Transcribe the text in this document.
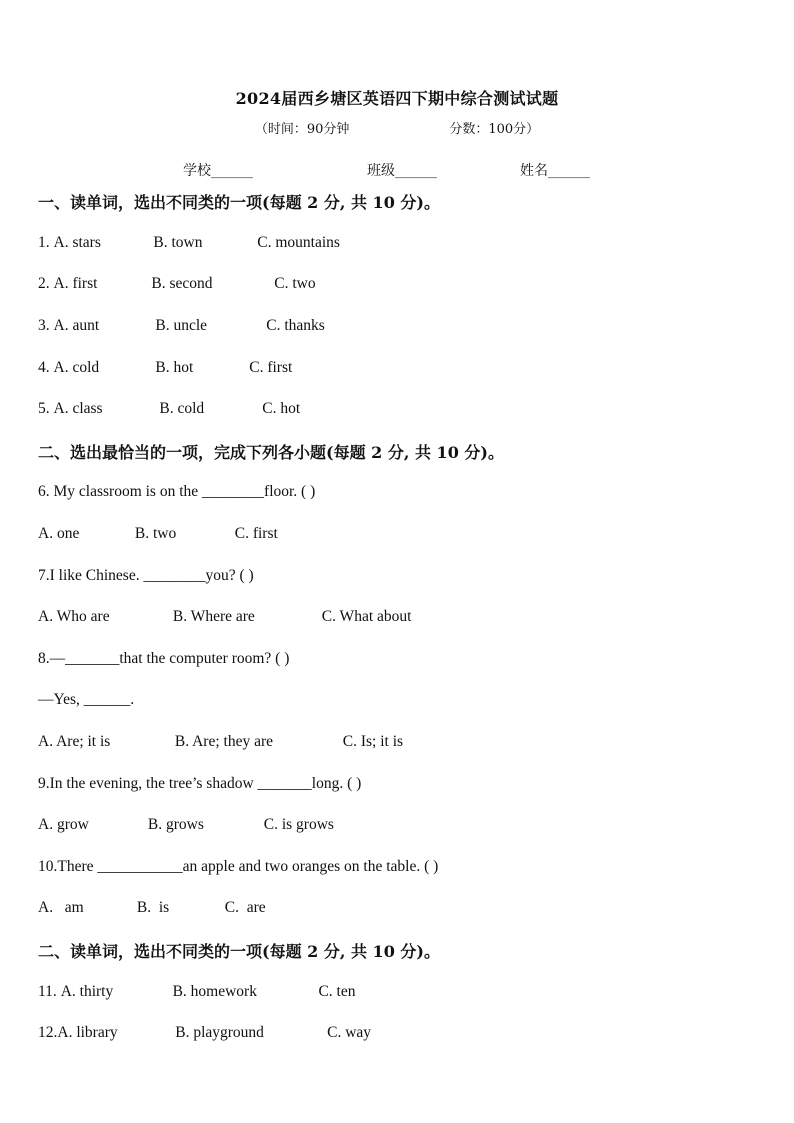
2024届西乡塘区英语四下期中综合测试试题
（时间：90分钟	分数：100分）
学校______	班级______	姓名______
一、读单词，选出不同类的一项(每题 2 分, 共 10 分)。
1. A. stars	B. town	C. mountains
2. A. first	B. second	C. two
3. A. aunt	B. uncle	C. thanks
4. A. cold	B. hot	C. first
5. A. class	B. cold	C. hot
二、选出最恰当的一项，完成下列各小题(每题 2 分, 共 10 分)。
6. My classroom is on the ________floor. ( )
A. one	B. two	C. first
7.I like Chinese. ________you? ( )
A. Who are	B. Where are	C. What about
8.—_______that the computer room? ( )
—Yes, ______.
A. Are; it is	B. Are; they are	C. Is; it is
9.In the evening, the tree’s shadow _______long. ( )
A. grow	B. grows	C. is grows
10.There ___________an apple and two oranges on the table. ( )
A.   am	B.  is	C.  are
二、读单词，选出不同类的一项(每题 2 分, 共 10 分)。
11. A. thirty	B. homework	C. ten
12.A. library	B. playground	C. way
